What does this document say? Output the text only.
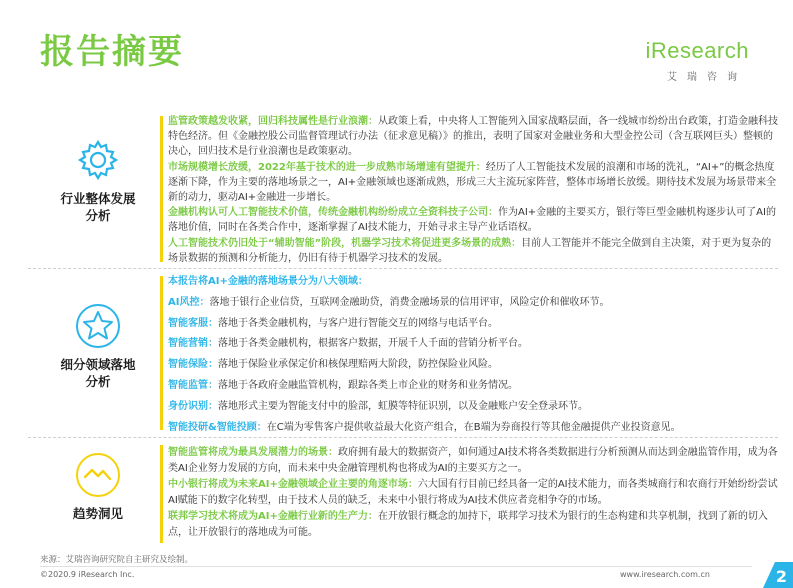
报告摘要	iResearch
艾瑞咨询
行业整体发展
分析

监管政策越发收紧，回归科技属性是行业浪潮：从政策上看，中央将人工智能列入国家战略层面，各一线城市纷纷出台政策，打造金融科技特色经济。但《金融控股公司监督管理试行办法（征求意见稿）》的推出，表明了国家对金融业务和大型金控公司（含互联网巨头）整顿的决心，回归技术是行业浪潮也是政策驱动。

市场规模增长放缓，2022年基于技术的进一步成熟市场增速有望提升：经历了人工智能技术发展的浪潮和市场的洗礼，“AI+”的概念热度逐渐下降，作为主要的落地场景之一，AI+金融领域也逐渐成熟，形成三大主流玩家阵营，整体市场增长放缓。期待技术发展为场景带来全新的动力，驱动AI+金融进一步增长。

金融机构认可人工智能技术价值，传统金融机构纷纷成立全资科技子公司：作为AI+金融的主要买方，银行等巨型金融机构逐步认可了AI的落地价值，同时在各类合作中，逐渐掌握了AI技术能力，开始寻求主导产业话语权。

人工智能技术仍旧处于“辅助智能”阶段，机器学习技术将促进更多场景的成熟：目前人工智能并不能完全做到自主决策，对于更为复杂的场景数据的预测和分析能力，仍旧有待于机器学习技术的发展。

细分领域落地
分析

本报告将AI+金融的落地场景分为八大领域：

AI风控：落地于银行企业信贷，互联网金融助贷，消费金融场景的信用评审，风险定价和催收环节。

智能客服：落地于各类金融机构，与客户进行智能交互的网络与电话平台。

智能营销：落地于各类金融机构，根据客户数据，开展千人千面的营销分析平台。

智能保险：落地于保险业承保定价和核保理赔两大阶段，防控保险业风险。

智能监管：落地于各政府金融监管机构，跟踪各类上市企业的财务和业务情况。

身份识别：落地形式主要为智能支付中的脸部，虹膜等特征识别，以及金融账户安全登录环节。

智能投研&智能投顾：在C端为零售客户提供收益最大化资产组合，在B端为券商投行等其他金融提供产业投资意见。

趋势洞见

智能监管将成为最具发展潜力的场景：政府拥有最大的数据资产，如何通过AI技术将各类数据进行分析预测从而达到金融监管作用，成为各类AI企业努力发展的方向，而未来中央金融管理机构也将成为AI的主要买方之一。

中小银行将成为未来AI+金融领域企业主要的角逐市场：六大国有行目前已经具备一定的AI技术能力，而各类城商行和农商行开始纷纷尝试AI赋能下的数字化转型，由于技术人员的缺乏，未来中小银行将成为AI技术供应者竞相争夺的市场。

联邦学习技术将成为AI+金融行业新的生产力：在开放银行概念的加持下，联邦学习技术为银行的生态构建和共享机制，找到了新的切入点，让开放银行的落地成为可能。

来源：艾瑞咨询研究院自主研究及绘制。
©2020.9 iResearch Inc.	www.iresearch.com.cn	2
